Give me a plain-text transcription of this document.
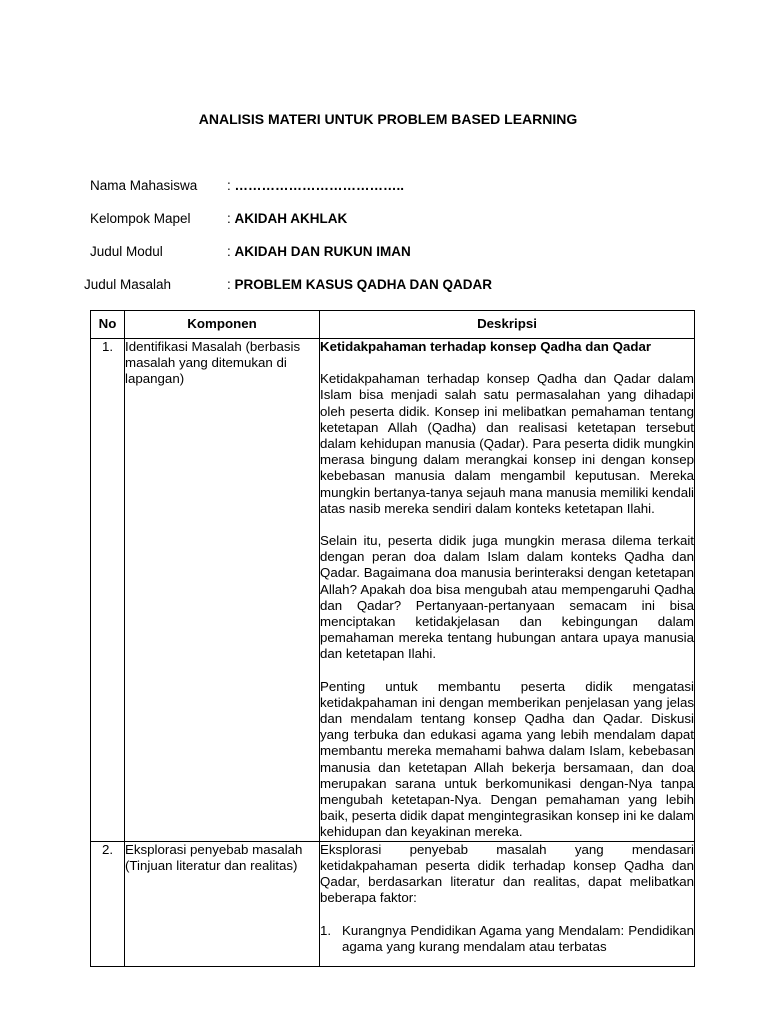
ANALISIS MATERI UNTUK PROBLEM BASED LEARNING
Nama Mahasiswa : ………………………………..
Kelompok Mapel	: AKIDAH AKHLAK
Judul Modul	: AKIDAH DAN RUKUN IMAN
Judul Masalah	: PROBLEM KASUS QADHA DAN QADAR
No	Komponen	Deskripsi
1.	Identifikasi Masalah (berbasis masalah yang ditemukan di lapangan)	Ketidakpahaman terhadap konsep Qadha dan Qadar

Ketidakpahaman terhadap konsep Qadha dan Qadar dalam Islam bisa menjadi salah satu permasalahan yang dihadapi oleh peserta didik. Konsep ini melibatkan pemahaman tentang ketetapan Allah (Qadha) dan realisasi ketetapan tersebut dalam kehidupan manusia (Qadar). Para peserta didik mungkin merasa bingung dalam merangkai konsep ini dengan konsep kebebasan manusia dalam mengambil keputusan. Mereka mungkin bertanya-tanya sejauh mana manusia memiliki kendali atas nasib mereka sendiri dalam konteks ketetapan Ilahi.

Selain itu, peserta didik juga mungkin merasa dilema terkait dengan peran doa dalam Islam dalam konteks Qadha dan Qadar. Bagaimana doa manusia berinteraksi dengan ketetapan Allah? Apakah doa bisa mengubah atau mempengaruhi Qadha dan Qadar? Pertanyaan-pertanyaan semacam ini bisa menciptakan ketidakjelasan dan kebingungan dalam pemahaman mereka tentang hubungan antara upaya manusia dan ketetapan Ilahi.

Penting untuk membantu peserta didik mengatasi ketidakpahaman ini dengan memberikan penjelasan yang jelas dan mendalam tentang konsep Qadha dan Qadar. Diskusi yang terbuka dan edukasi agama yang lebih mendalam dapat membantu mereka memahami bahwa dalam Islam, kebebasan manusia dan ketetapan Allah bekerja bersamaan, dan doa merupakan sarana untuk berkomunikasi dengan-Nya tanpa mengubah ketetapan-Nya. Dengan pemahaman yang lebih baik, peserta didik dapat mengintegrasikan konsep ini ke dalam kehidupan dan keyakinan mereka.

2.	Eksplorasi penyebab masalah (Tinjuan literatur dan realitas)	Eksplorasi penyebab masalah yang mendasari ketidakpahaman peserta didik terhadap konsep Qadha dan Qadar, berdasarkan literatur dan realitas, dapat melibatkan beberapa faktor:

1. Kurangnya Pendidikan Agama yang Mendalam: Pendidikan agama yang kurang mendalam atau terbatas
